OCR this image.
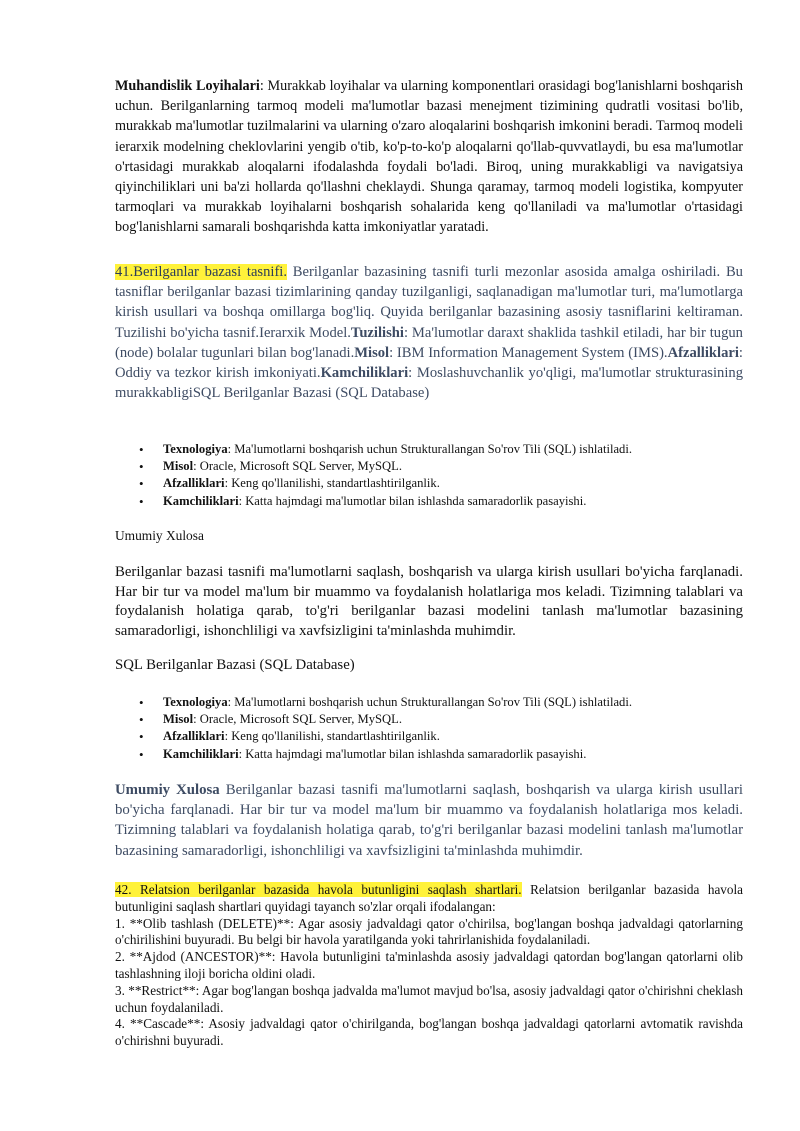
Muhandislik Loyihalari: Murakkab loyihalar va ularning komponentlari orasidagi bog'lanishlarni boshqarish uchun. Berilganlarning tarmoq modeli ma'lumotlar bazasi menejment tizimining qudratli vositasi bo'lib, murakkab ma'lumotlar tuzilmalarini va ularning o'zaro aloqalarini boshqarish imkonini beradi. Tarmoq modeli ierarxik modelning cheklovlarini yengib o'tib, ko'p-to-ko'p aloqalarni qo'llab-quvvatlaydi, bu esa ma'lumotlar o'rtasidagi murakkab aloqalarni ifodalashda foydali bo'ladi. Biroq, uning murakkabligi va navigatsiya qiyinchiliklari uni ba'zi hollarda qo'llashni cheklaydi. Shunga qaramay, tarmoq modeli logistika, kompyuter tarmoqlari va murakkab loyihalarni boshqarish sohalarida keng qo'llaniladi va ma'lumotlar o'rtasidagi bog'lanishlarni samarali boshqarishda katta imkoniyatlar yaratadi.

41.Berilganlar bazasi tasnifi. Berilganlar bazasining tasnifi turli mezonlar asosida amalga oshiriladi. Bu tasniflar berilganlar bazasi tizimlarining qanday tuzilganligi, saqlanadigan ma'lumotlar turi, ma'lumotlarga kirish usullari va boshqa omillarga bog'liq. Quyida berilganlar bazasining asosiy tasniflarini keltiraman. Tuzilishi bo'yicha tasnif.Ierarxik Model.Tuzilishi: Ma'lumotlar daraxt shaklida tashkil etiladi, har bir tugun (node) bolalar tugunlari bilan bog'lanadi.Misol: IBM Information Management System (IMS).Afzalliklari: Oddiy va tezkor kirish imkoniyati.Kamchiliklari: Moslashuvchanlik yo'qligi, ma'lumotlar strukturasining murakkabligiSQL Berilganlar Bazasi (SQL Database)

• Texnologiya: Ma'lumotlarni boshqarish uchun Strukturallangan So'rov Tili (SQL) ishlatiladi.
• Misol: Oracle, Microsoft SQL Server, MySQL.
• Afzalliklari: Keng qo'llanilishi, standartlashtirilganlik.
• Kamchiliklari: Katta hajmdagi ma'lumotlar bilan ishlashda samaradorlik pasayishi.

Umumiy Xulosa

Berilganlar bazasi tasnifi ma'lumotlarni saqlash, boshqarish va ularga kirish usullari bo'yicha farqlanadi. Har bir tur va model ma'lum bir muammo va foydalanish holatlariga mos keladi. Tizimning talablari va foydalanish holatiga qarab, to'g'ri berilganlar bazasi modelini tanlash ma'lumotlar bazasining samaradorligi, ishonchliligi va xavfsizligini ta'minlashda muhimdir.

SQL Berilganlar Bazasi (SQL Database)

• Texnologiya: Ma'lumotlarni boshqarish uchun Strukturallangan So'rov Tili (SQL) ishlatiladi.
• Misol: Oracle, Microsoft SQL Server, MySQL.
• Afzalliklari: Keng qo'llanilishi, standartlashtirilganlik.
• Kamchiliklari: Katta hajmdagi ma'lumotlar bilan ishlashda samaradorlik pasayishi.

Umumiy Xulosa Berilganlar bazasi tasnifi ma'lumotlarni saqlash, boshqarish va ularga kirish usullari bo'yicha farqlanadi. Har bir tur va model ma'lum bir muammo va foydalanish holatlariga mos keladi. Tizimning talablari va foydalanish holatiga qarab, to'g'ri berilganlar bazasi modelini tanlash ma'lumotlar bazasining samaradorligi, ishonchliligi va xavfsizligini ta'minlashda muhimdir.

42. Relatsion berilganlar bazasida havola butunligini saqlash shartlari. Relatsion berilganlar bazasida havola butunligini saqlash shartlari quyidagi tayanch so'zlar orqali ifodalangan:
1. **Olib tashlash (DELETE)**: Agar asosiy jadvaldagi qator o'chirilsa, bog'langan boshqa jadvaldagi qatorlarning o'chirilishini buyuradi. Bu belgi bir havola yaratilganda yoki tahrirlanishida foydalaniladi.
2. **Ajdod (ANCESTOR)**: Havola butunligini ta'minlashda asosiy jadvaldagi qatordan bog'langan qatorlarni olib tashlashning iloji boricha oldini oladi.
3. **Restrict**: Agar bog'langan boshqa jadvalda ma'lumot mavjud bo'lsa, asosiy jadvaldagi qator o'chirishni cheklash uchun foydalaniladi.
4. **Cascade**: Asosiy jadvaldagi qator o'chirilganda, bog'langan boshqa jadvaldagi qatorlarni avtomatik ravishda o'chirishni buyuradi.
